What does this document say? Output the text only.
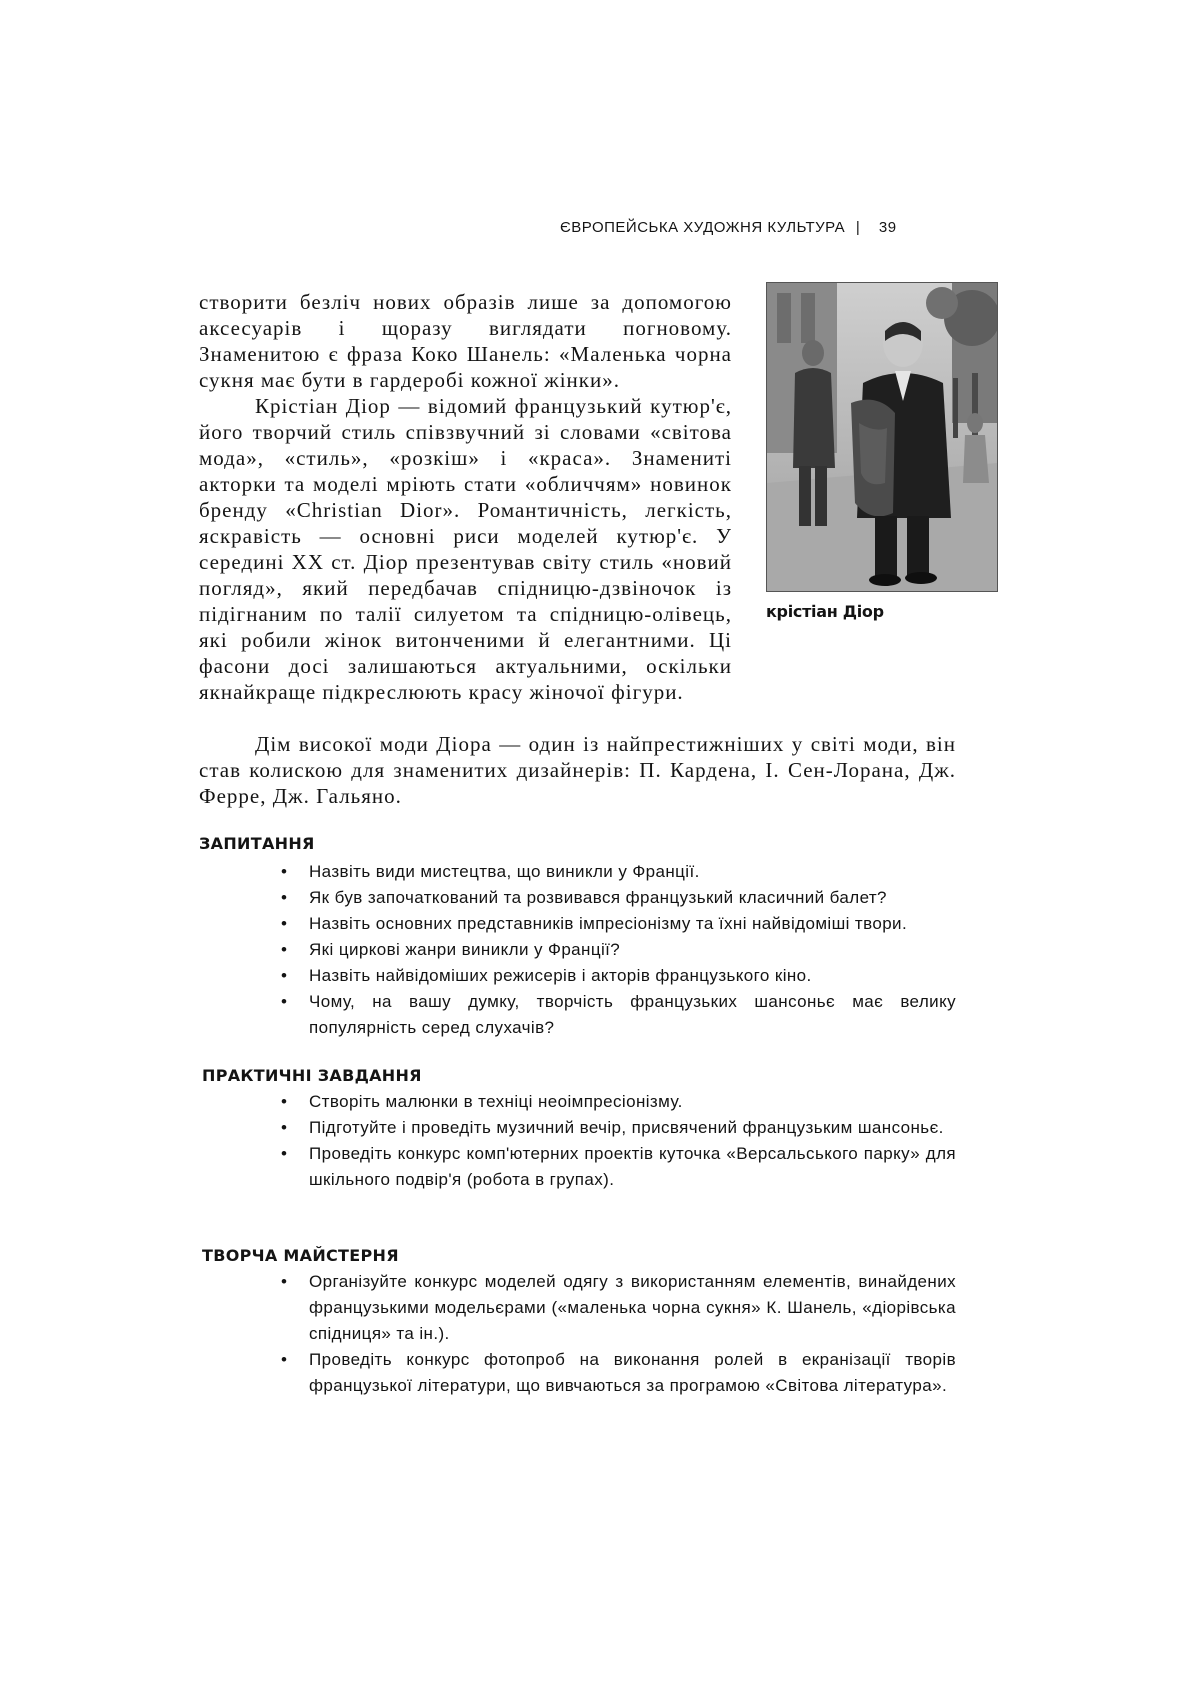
ЄВРОПЕЙСЬКА ХУДОЖНЯ КУЛЬТУРА | 39

створити безліч нових образів лише за допомогою аксесуарів і щоразу виглядати погновому. Знаменитою є фраза Коко Шанель: «Маленька чорна сукня має бути в гардеробі кожної жінки».

Крістіан Діор — відомий французький кутюр'є, його творчий стиль співзвучний зі словами «світова мода», «стиль», «розкіш» і «краса». Знамениті акторки та моделі мріють стати «обличчям» новинок бренду «Christian Dior». Романтичність, легкість, яскравість — основні риси моделей кутюр'є. У середині XX ст. Діор презентував світу стиль «новий погляд», який передбачав спідницю-дзвіночок із підігнаним по талії силуетом та спідницю-олівець, які робили жінок витонченими й елегантними. Ці фасони досі залишаються актуальними, оскільки якнайкраще підкреслюють красу жіночої фігури.

Дім високої моди Діора — один із найпрестижніших у світі моди, він став колискою для знаменитих дизайнерів: П. Кардена, І. Сен-Лорана, Дж. Ферре, Дж. Гальяно.

крістіан Діор
ЗАПИТАННЯ
• Назвіть види мистецтва, що виникли у Франції.
• Як був започаткований та розвивався французький класичний балет?
• Назвіть основних представників імпресіонізму та їхні найвідоміші твори.
• Які циркові жанри виникли у Франції?
• Назвіть найвідоміших режисерів і акторів французького кіно.
• Чому, на вашу думку, творчість французьких шансоньє має велику популярність серед слухачів?
ПРАКТИЧНІ ЗАВДАННЯ
• Створіть малюнки в техніці неоімпресіонізму.
• Підготуйте і проведіть музичний вечір, присвячений французьким шансоньє.
• Проведіть конкурс комп'ютерних проектів куточка «Версальського парку» для шкільного подвір'я (робота в групах).
ТВОРЧА МАЙСТЕРНЯ
• Організуйте конкурс моделей одягу з використанням елементів, винайдених французькими модельєрами («маленька чорна сукня» К. Шанель, «діорівська спідниця» та ін.).
• Проведіть конкурс фотопроб на виконання ролей в екранізації творів французької літератури, що вивчаються за програмою «Світова література».
